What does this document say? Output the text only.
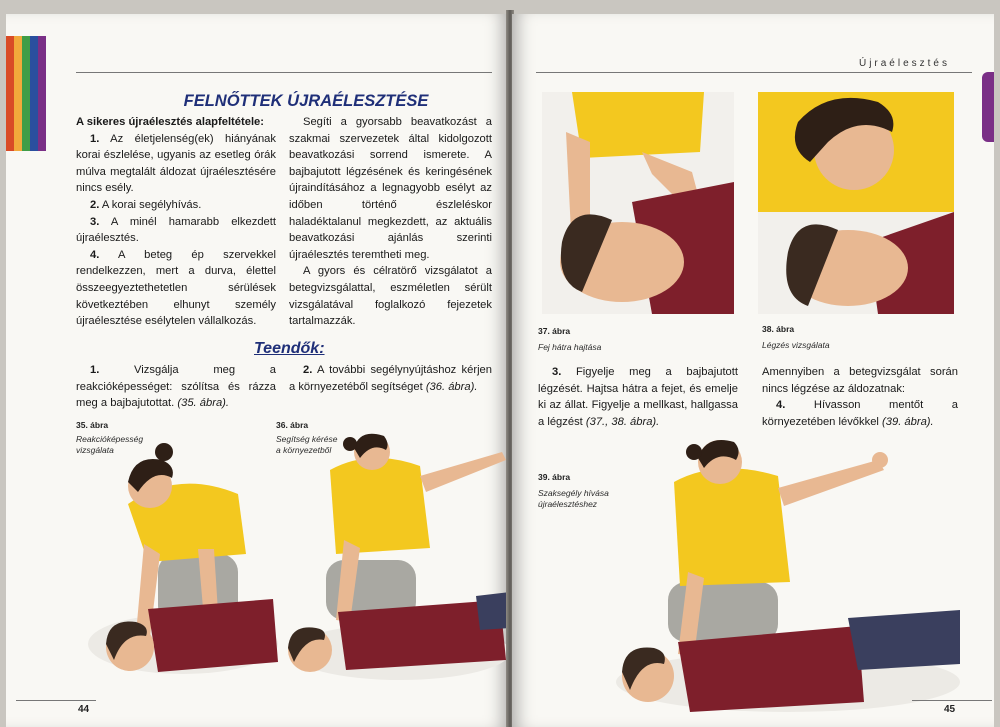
FELNŐTTEK ÚJRAÉLESZTÉSE

A sikeres újraélesztés alapfeltétele:

1. Az életjelenség(ek) hiányának korai észlelése, ugyanis az esetleg órák múlva megtalált áldozat újraélesztésére nincs esély.

2. A korai segélyhívás.

3. A minél hamarabb elkezdett újraélesztés.

4. A beteg ép szervekkel rendelkezzen, mert a durva, élettel összeegyeztethetetlen sérülések következtében elhunyt személy újraélesztése esélytelen vállalkozás.

Segíti a gyorsabb beavatkozást a szakmai szervezetek által kidolgozott beavatkozási sorrend ismerete. A bajbajutott légzésének és keringésének újraindításához a legnagyobb esélyt az időben történő észleléskor haladéktalanul megkezdett, az aktuális beavatkozási ajánlás szerinti újraélesztés teremtheti meg.

A gyors és célratörő vizsgálatot a betegvizsgálattal, eszméletlen sérült vizsgálatával foglalkozó fejezetek tartalmazzák.

Teendők:

1.	Vizsgálja meg a reakcióképességet: szólítsa és rázza meg a bajbajutottat. (35. ábra).

2. A további segélynyújtáshoz kérjen a környezetéből segítséget (36. ábra).

35. ábra
Reakcióképesség vizsgálata
36. ábra
Segítség kérése a környezetből
44
Újraélesztés
37. ábra
Fej hátra hajtása
38. ábra
Légzés vizsgálata

3. Figyelje meg a bajbajutott légzését. Hajtsa hátra a fejet, és emelje ki az állat. Figyelje a mellkast, hallgassa a légzést (37., 38. ábra).

Amennyiben a betegvizsgálat során nincs légzése az áldozatnak:

4.	Hívasson mentőt a környezetében lévőkkel (39. ábra).

39. ábra
Szaksegély hívása újraélesztéshez
45
